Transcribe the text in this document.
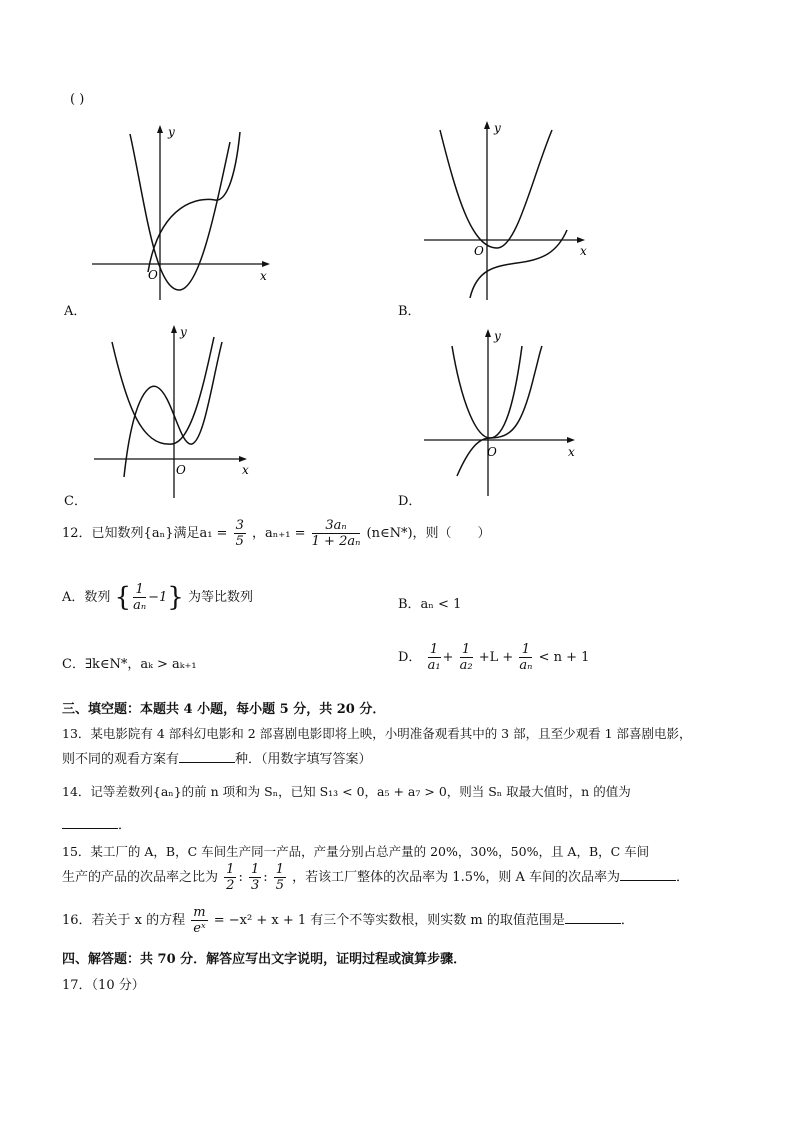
( )
x
y
O
A．
x
y
O
B．
x
y
O
C．
x
y
O
D．
12．已知数列{aₙ}满足$a_1 = \frac{3}{5}$ ，$a_{n+1} = \frac{\text{3aₙ}}{\text{1 + 2aₙ}}$ (n∈N*)，则（　　）
A．数列 { $\frac{1}{\text{aₙ}} -1$} 为等比数列	B．aₙ < 1
C．∃k∈N*，aₖ > aₖ₊₁	D． $\frac{1}{\text{a₁}} + \frac{1}{\text{a₂}} +L + \frac{1}{\text{aₙ}} < n + 1$
三、填空题：本题共 4 小题，每小题 5 分，共 20 分．
13．某电影院有 4 部科幻电影和 2 部喜剧电影即将上映，小明准备观看其中的 3 部，且至少观看 1 部喜剧电影，
则不同的观看方案有	种．（用数字填写答案）
14．记等差数列{aₙ}的前 n 项和为 Sₙ，已知 S₁₃ < 0，a₅ + a₇ > 0，则当 Sₙ 取最大值时，n 的值为
．
15．某工厂的 A，B，C 车间生产同一产品，产量分别占总产量的 20%，30%，50%，且 A，B，C 车间
生产的产品的次品率之比为 $\frac{1}{2}$ : $\frac{1}{3}$ : $\frac{1}{5}$ ，若该工厂整体的次品率为 1.5%，则 A 车间的次品率为	．
16．若关于 x 的方程 $\frac{m}{\text{eˣ}} = -x^2 + x + 1$ 有三个不等实数根，则实数 m 的取值范围是	．
四、解答题：共 70 分．解答应写出文字说明，证明过程或演算步骤．
17．（10 分）
